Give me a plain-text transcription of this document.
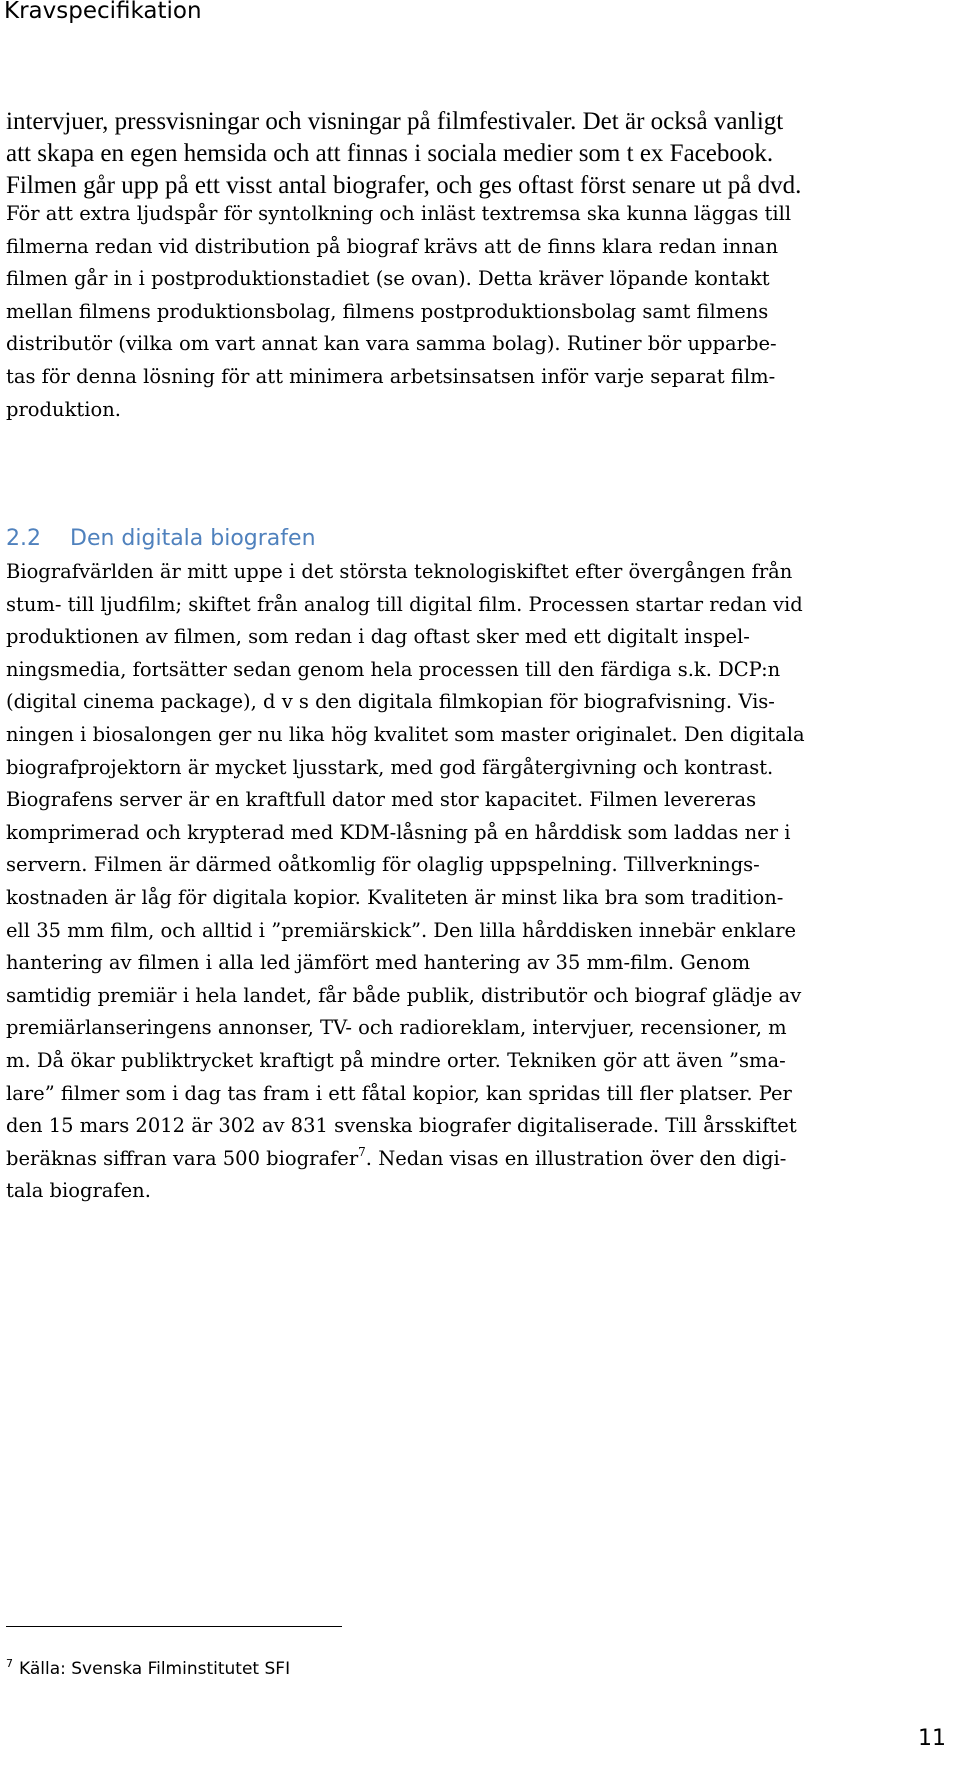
Kravspecifikation

intervjuer, pressvisningar och visningar på filmfestivaler. Det är också vanligt
att skapa en egen hemsida och att finnas i sociala medier som t ex Facebook.
Filmen går upp på ett visst antal biografer, och ges oftast först senare ut på dvd.

För att extra ljudspår för syntolkning och inläst textremsa ska kunna läggas till
filmerna redan vid distribution på biograf krävs att de finns klara redan innan
filmen går in i postproduktionstadiet (se ovan). Detta kräver löpande kontakt
mellan filmens produktionsbolag, filmens postproduktionsbolag samt filmens
distributör (vilka om vart annat kan vara samma bolag). Rutiner bör upparbe-
tas för denna lösning för att minimera arbetsinsatsen inför varje separat film-
produktion.

2.2 Den digitala biografen

Biografvärlden är mitt uppe i det största teknologiskiftet efter övergången från
stum- till ljudfilm; skiftet från analog till digital film. Processen startar redan vid
produktionen av filmen, som redan i dag oftast sker med ett digitalt inspel-
ningsmedia, fortsätter sedan genom hela processen till den färdiga s.k. DCP:n
(digital cinema package), d v s den digitala filmkopian för biografvisning. Vis-
ningen i biosalongen ger nu lika hög kvalitet som master originalet. Den digitala
biografprojektorn är mycket ljusstark, med god färgåtergivning och kontrast.
Biografens server är en kraftfull dator med stor kapacitet. Filmen levereras
komprimerad och krypterad med KDM-låsning på en hårddisk som laddas ner i
servern. Filmen är därmed oåtkomlig för olaglig uppspelning. Tillverknings-
kostnaden är låg för digitala kopior. Kvaliteten är minst lika bra som tradition-
ell 35 mm film, och alltid i ”premiärskick”. Den lilla hårddisken innebär enklare
hantering av filmen i alla led jämfört med hantering av 35 mm-film. Genom
samtidig premiär i hela landet, får både publik, distributör och biograf glädje av
premiärlanseringens annonser, TV- och radioreklam, intervjuer, recensioner, m
m. Då ökar publiktrycket kraftigt på mindre orter. Tekniken gör att även ”sma-
lare” filmer som i dag tas fram i ett fåtal kopior, kan spridas till fler platser. Per
den 15 mars 2012 är 302 av 831 svenska biografer digitaliserade. Till årsskiftet
beräknas siffran vara 500 biografer$^7$. Nedan visas en illustration över den digi-
tala biografen.

$^7$ Källa: Svenska Filminstitutet SFI
11
